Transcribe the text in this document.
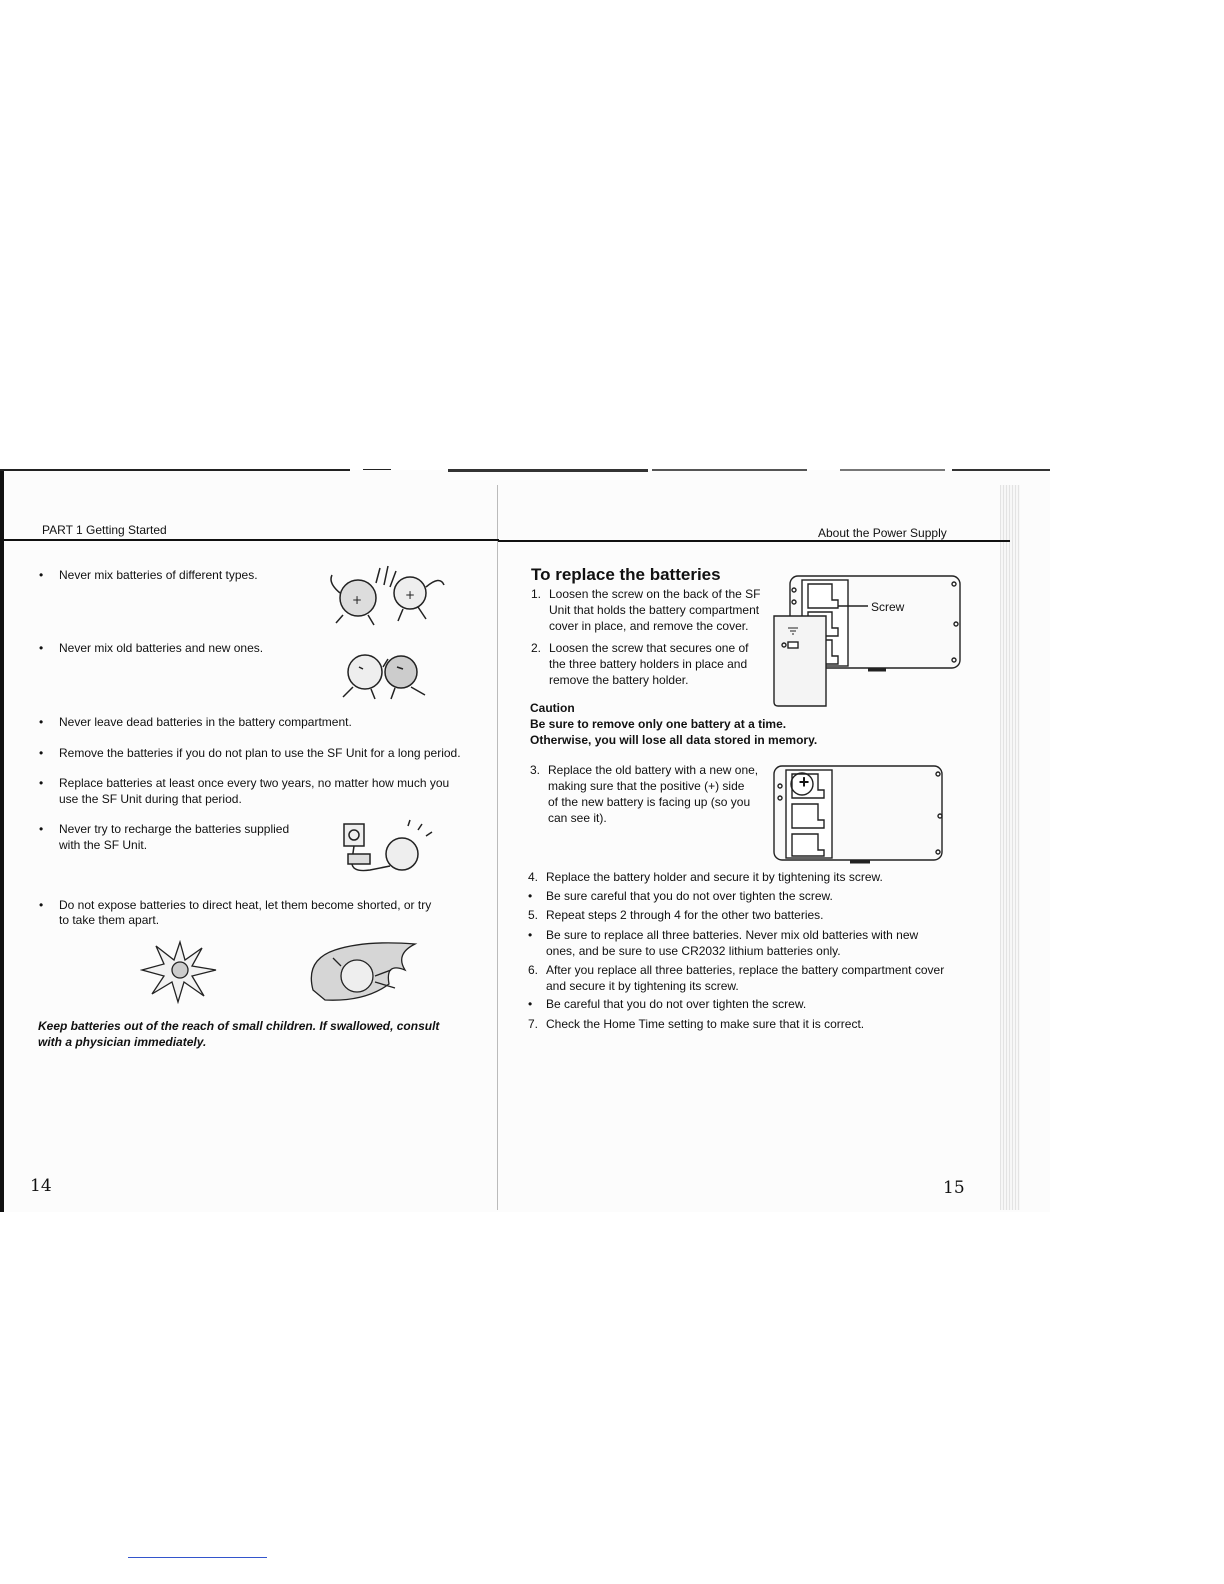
PART 1 Getting Started
• Never mix batteries of different types.
+	+
• Never mix old batteries and new ones.
• Never leave dead batteries in the battery compartment.
• Remove the batteries if you do not plan to use the SF Unit for a long period.
• Replace batteries at least once every two years, no matter how much you
use the SF Unit during that period.
• Never try to recharge the batteries supplied
with the SF Unit.
• Do not expose batteries to direct heat, let them become shorted, or try
to take them apart.
Keep batteries out of the reach of small children. If swallowed, consult
with a physician immediately.
14
About the Power Supply
To replace the batteries
1. Loosen the screw on the back of the SF
Unit that holds the battery compartment
cover in place, and remove the cover.
2. Loosen the screw that secures one of
the three battery holders in place and
remove the battery holder.
Screw
Caution
Be sure to remove only one battery at a time.
Otherwise, you will lose all data stored in memory.
3. Replace the old battery with a new one,
making sure that the positive (+) side
of the new battery is facing up (so you
can see it).
+
4. Replace the battery holder and secure it by tightening its screw.
• Be sure careful that you do not over tighten the screw.
5. Repeat steps 2 through 4 for the other two batteries.
• Be sure to replace all three batteries. Never mix old batteries with new
ones, and be sure to use CR2032 lithium batteries only.
6. After you replace all three batteries, replace the battery compartment cover
and secure it by tightening its screw.
• Be careful that you do not over tighten the screw.
7. Check the Home Time setting to make sure that it is correct.
15
